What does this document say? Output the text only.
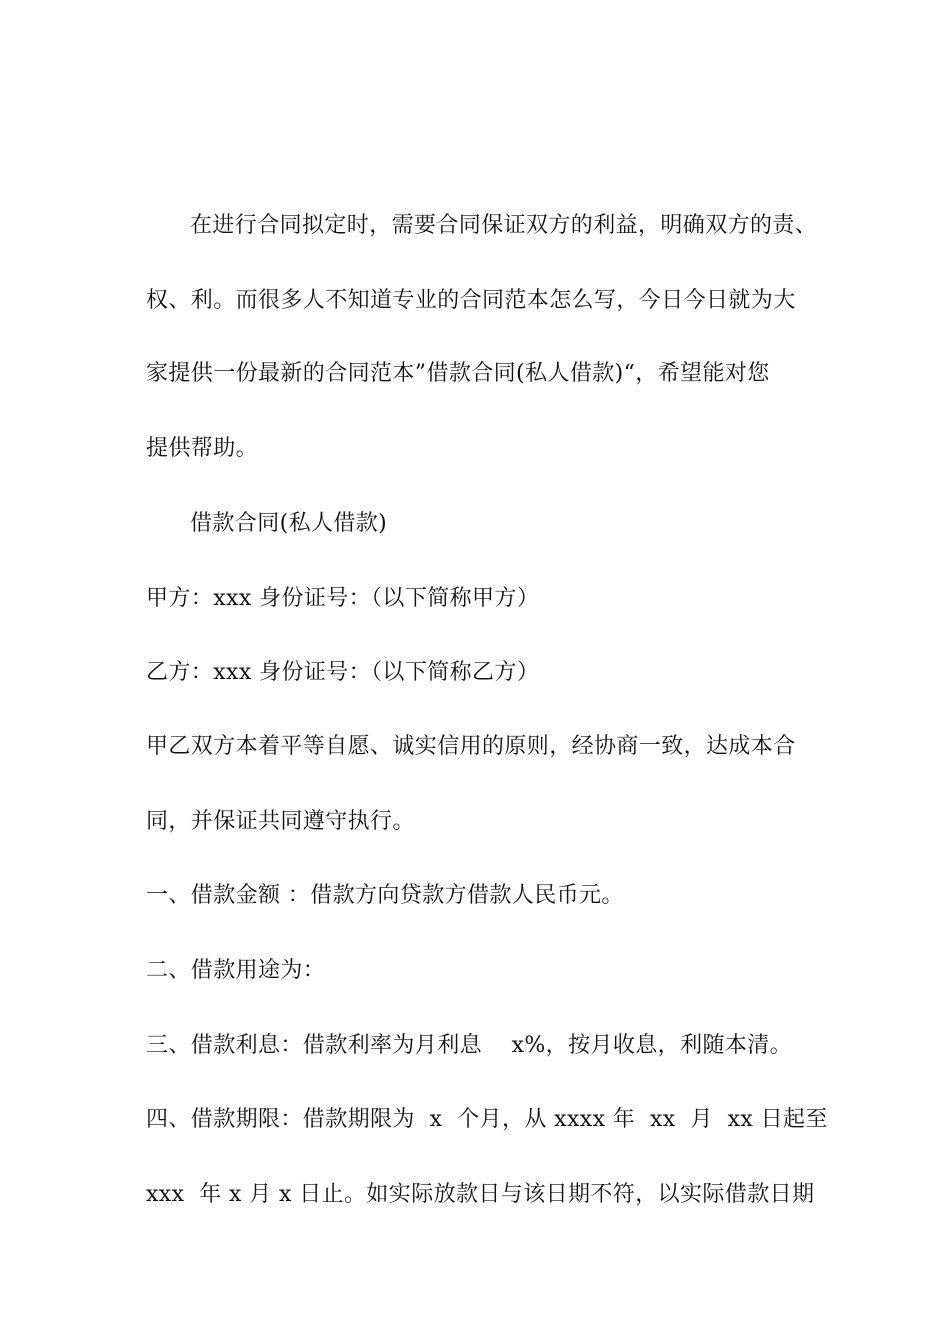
在进行合同拟定时，需要合同保证双方的利益，明确双方的责、
权、利。而很多人不知道专业的合同范本怎么写，今日今日就为大
家提供一份最新的合同范本”借款合同(私人借款)“，希望能对您
提供帮助。
借款合同(私人借款)
甲方：xxx 身份证号：（以下简称甲方）
乙方：xxx 身份证号：（以下简称乙方）
甲乙双方本着平等自愿、诚实信用的原则，经协商一致，达成本合
同，并保证共同遵守执行。
一、借款金额 ：借款方向贷款方借款人民币元。
二、借款用途为：
三、借款利息：借款利率为月利息    x%，按月收息，利随本清。
四、借款期限：借款期限为  x  个月，从 xxxx 年  xx  月  xx 日起至
xxx  年 x 月 x 日止。如实际放款日与该日期不符，以实际借款日期
